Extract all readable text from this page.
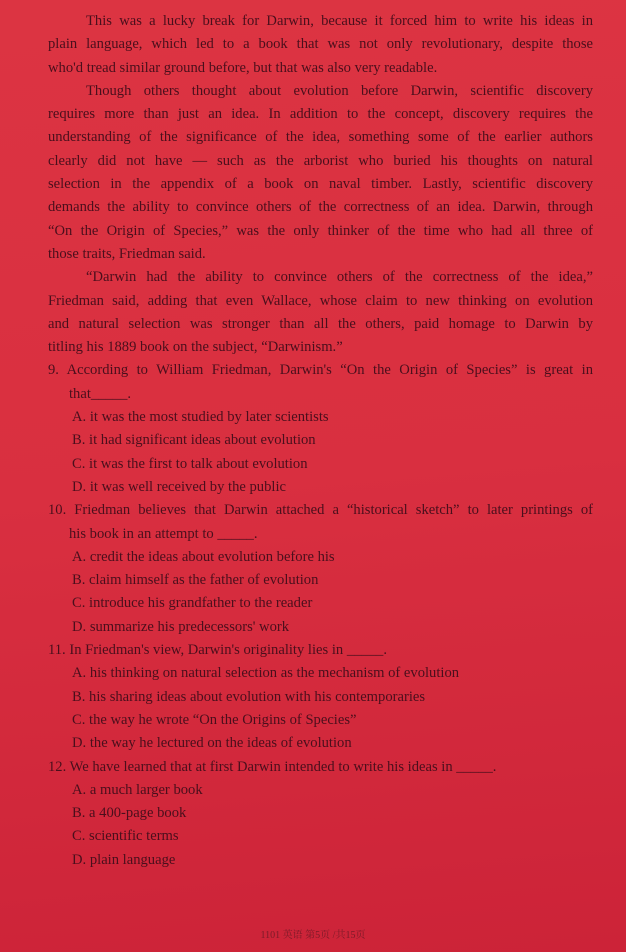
This was a lucky break for Darwin, because it forced him to write his ideas in
plain language, which led to a book that was not only revolutionary, despite those
who'd tread similar ground before, but that was also very readable.
Though others thought about evolution before Darwin, scientific discovery
requires more than just an idea. In addition to the concept, discovery requires the
understanding of the significance of the idea, something some of the earlier authors
clearly did not have — such as the arborist who buried his thoughts on natural
selection in the appendix of a book on naval timber. Lastly, scientific discovery
demands the ability to convince others of the correctness of an idea. Darwin, through
“On the Origin of Species,” was the only thinker of the time who had all three of
those traits, Friedman said.
“Darwin had the ability to convince others of the correctness of the idea,”
Friedman said, adding that even Wallace, whose claim to new thinking on evolution
and natural selection was stronger than all the others, paid homage to Darwin by
titling his 1889 book on the subject, “Darwinism.”
9. According to William Friedman, Darwin's “On the Origin of Species” is great in
that_____.
A. it was the most studied by later scientists
B. it had significant ideas about evolution
C. it was the first to talk about evolution
D. it was well received by the public
10. Friedman believes that Darwin attached a “historical sketch” to later printings of
his book in an attempt to _____.
A. credit the ideas about evolution before his
B. claim himself as the father of evolution
C. introduce his grandfather to the reader
D. summarize his predecessors' work
11. In Friedman's view, Darwin's originality lies in _____.
A. his thinking on natural selection as the mechanism of evolution
B. his sharing ideas about evolution with his contemporaries
C. the way he wrote “On the Origins of Species”
D. the way he lectured on the ideas of evolution
12. We have learned that at first Darwin intended to write his ideas in _____.
A. a much larger book
B. a 400-page book
C. scientific terms
D. plain language
1101 英语 第5页 /共15页
